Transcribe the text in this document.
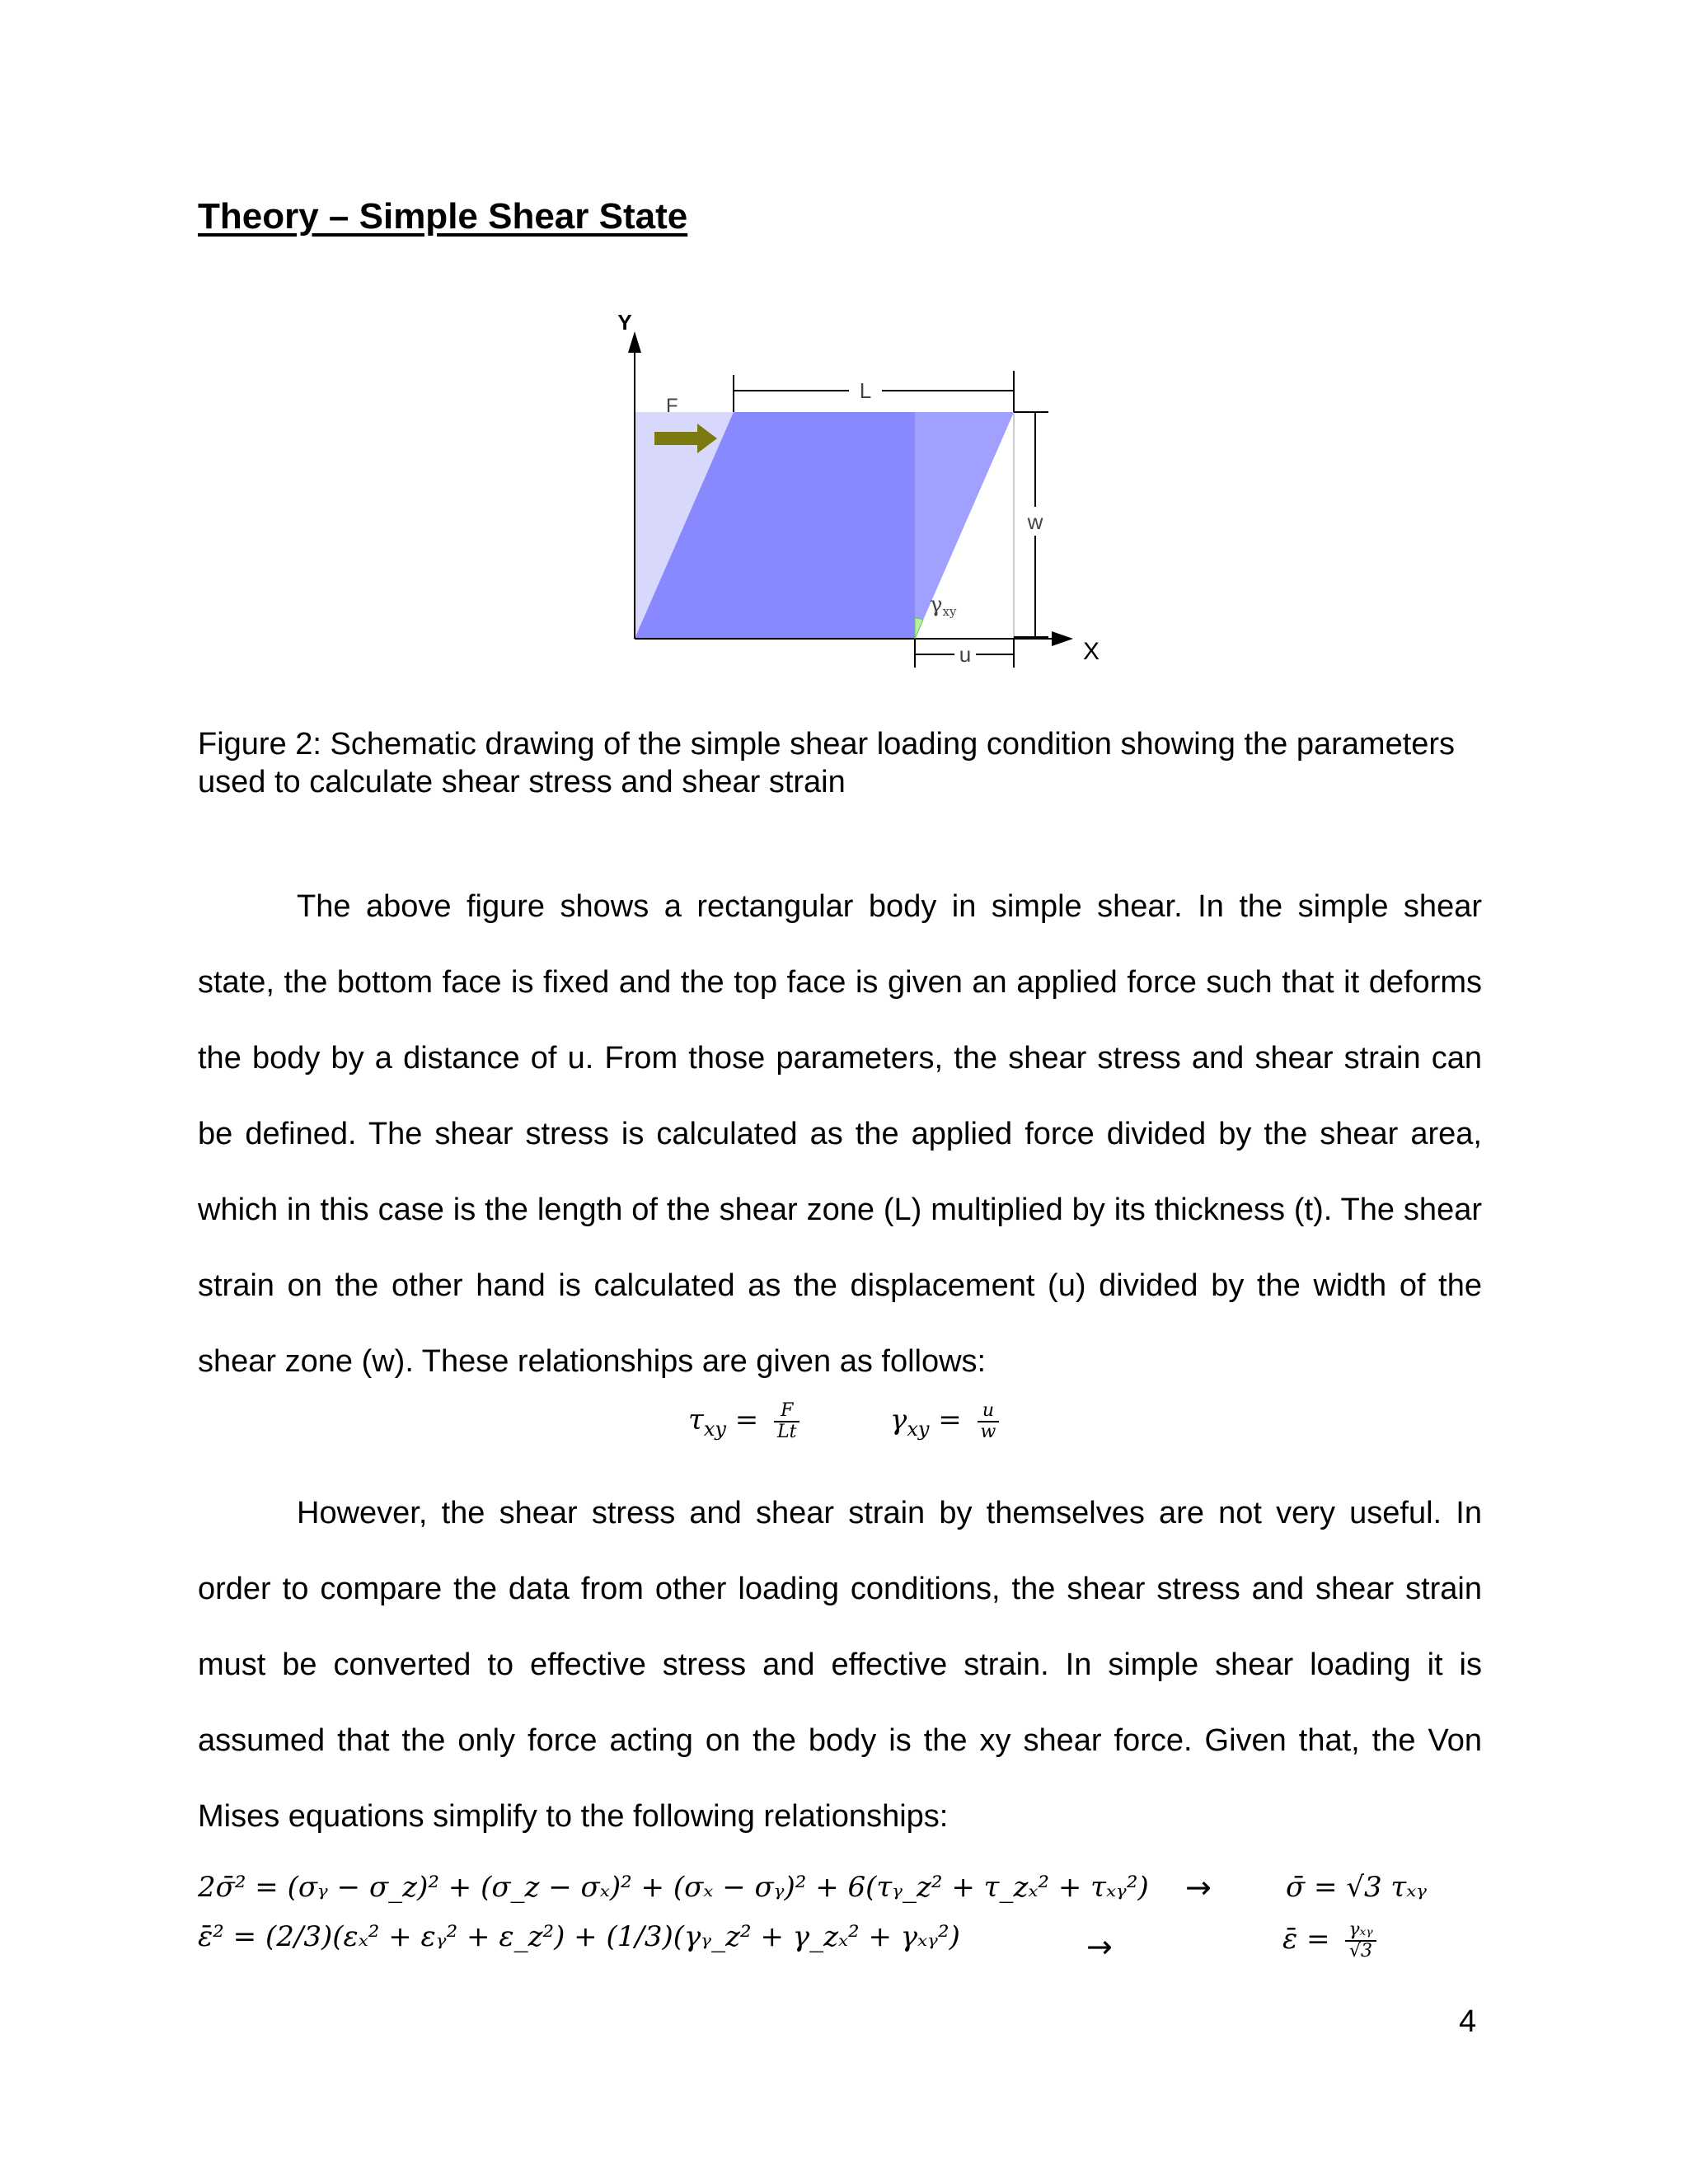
Theory – Simple Shear State
Y
X
F
L
w
u
γxy
Figure 2: Schematic drawing of the simple shear loading condition showing the parameters used to calculate shear stress and shear strain

The above figure shows a rectangular body in simple shear. In the simple shear state, the bottom face is fixed and the top face is given an applied force such that it deforms the body by a distance of u. From those parameters, the shear stress and shear strain can be defined. The shear stress is calculated as the applied force divided by the shear area, which in this case is the length of the shear zone (L) multiplied by its thickness (t). The shear strain on the other hand is calculated as the displacement (u) divided by the width of the shear zone (w). These relationships are given as follows:

$\tau_{xy} = \frac{F}{Lt}$	$\gamma_{xy} = \frac{u}{w}$

However, the shear stress and shear strain by themselves are not very useful. In order to compare the data from other loading conditions, the shear stress and shear strain must be converted to effective stress and effective strain. In simple shear loading it is assumed that the only force acting on the body is the xy shear force. Given that, the Von Mises equations simplify to the following relationships:

2σ̄² = (σᵧ − σ_z)² + (σ_z − σₓ)² + (σₓ − σᵧ)² + 6(τᵧ_z² + τ_zₓ² + τₓᵧ²) →	σ̄ = √3 τₓᵧ
ε̄² = (2/3)(εₓ² + εᵧ² + ε_z²) + (1/3)(γᵧ_z² + γ_zₓ² + γₓᵧ²)	→	ε̄ = $\frac{\text{γₓᵧ}}{√3}$
4
